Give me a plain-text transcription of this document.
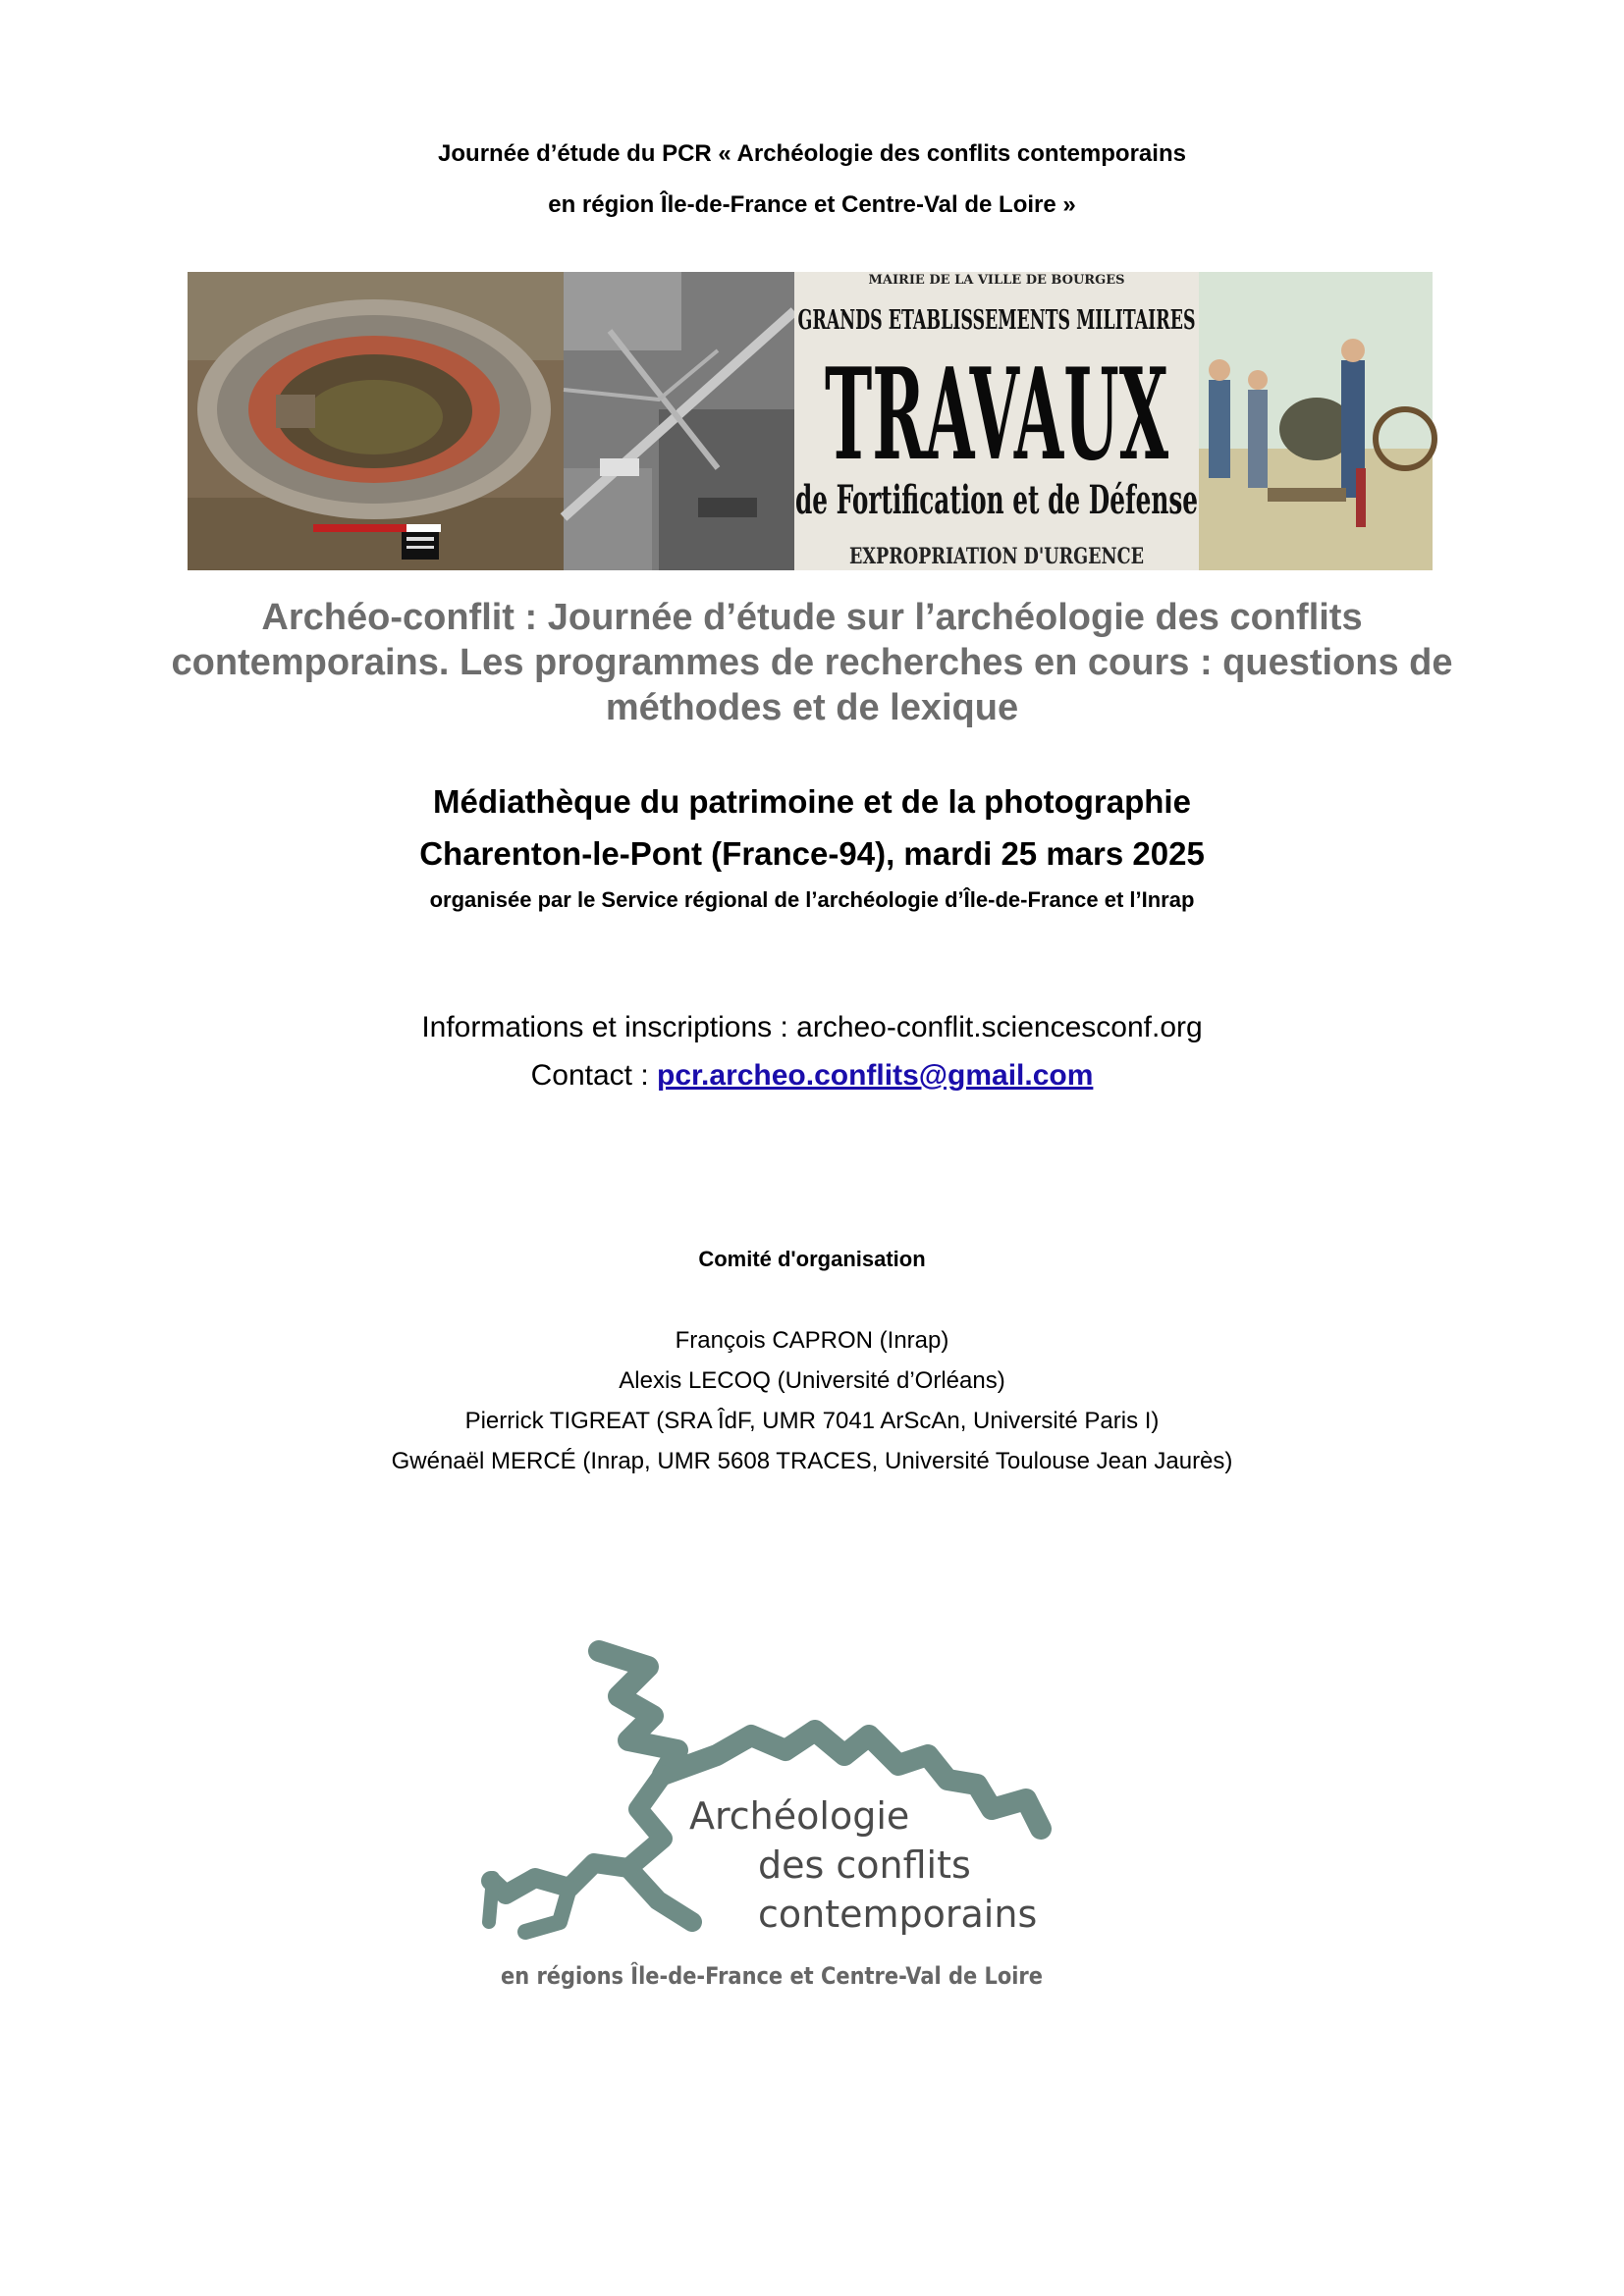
Journée d’étude du PCR « Archéologie des conflits contemporains
en région Île-de-France et Centre-Val de Loire »
MAIRIE DE LA VILLE DE BOURGES
GRANDS ETABLISSEMENTS MILITAIRES
TRAVAUX
de Fortification et de Défense
EXPROPRIATION D'URGENCE
Archéo-conflit : Journée d’étude sur l’archéologie des conflits contemporains. Les programmes de recherches en cours : questions de méthodes et de lexique
Médiathèque du patrimoine et de la photographie
Charenton-le-Pont (France-94), mardi 25 mars 2025
organisée par le Service régional de l’archéologie d’Île-de-France et l’Inrap
Informations et inscriptions : archeo-conflit.sciencesconf.org
Contact : pcr.archeo.conflits@gmail.com
Comité d'organisation
François CAPRON (Inrap)
Alexis LECOQ (Université d’Orléans)
Pierrick TIGREAT (SRA ÎdF, UMR 7041 ArScAn, Université Paris I)
Gwénaël MERCÉ (Inrap, UMR 5608 TRACES, Université Toulouse Jean Jaurès)
Archéologie
des conflits
contemporains
en régions Île-de-France et Centre-Val de Loire
